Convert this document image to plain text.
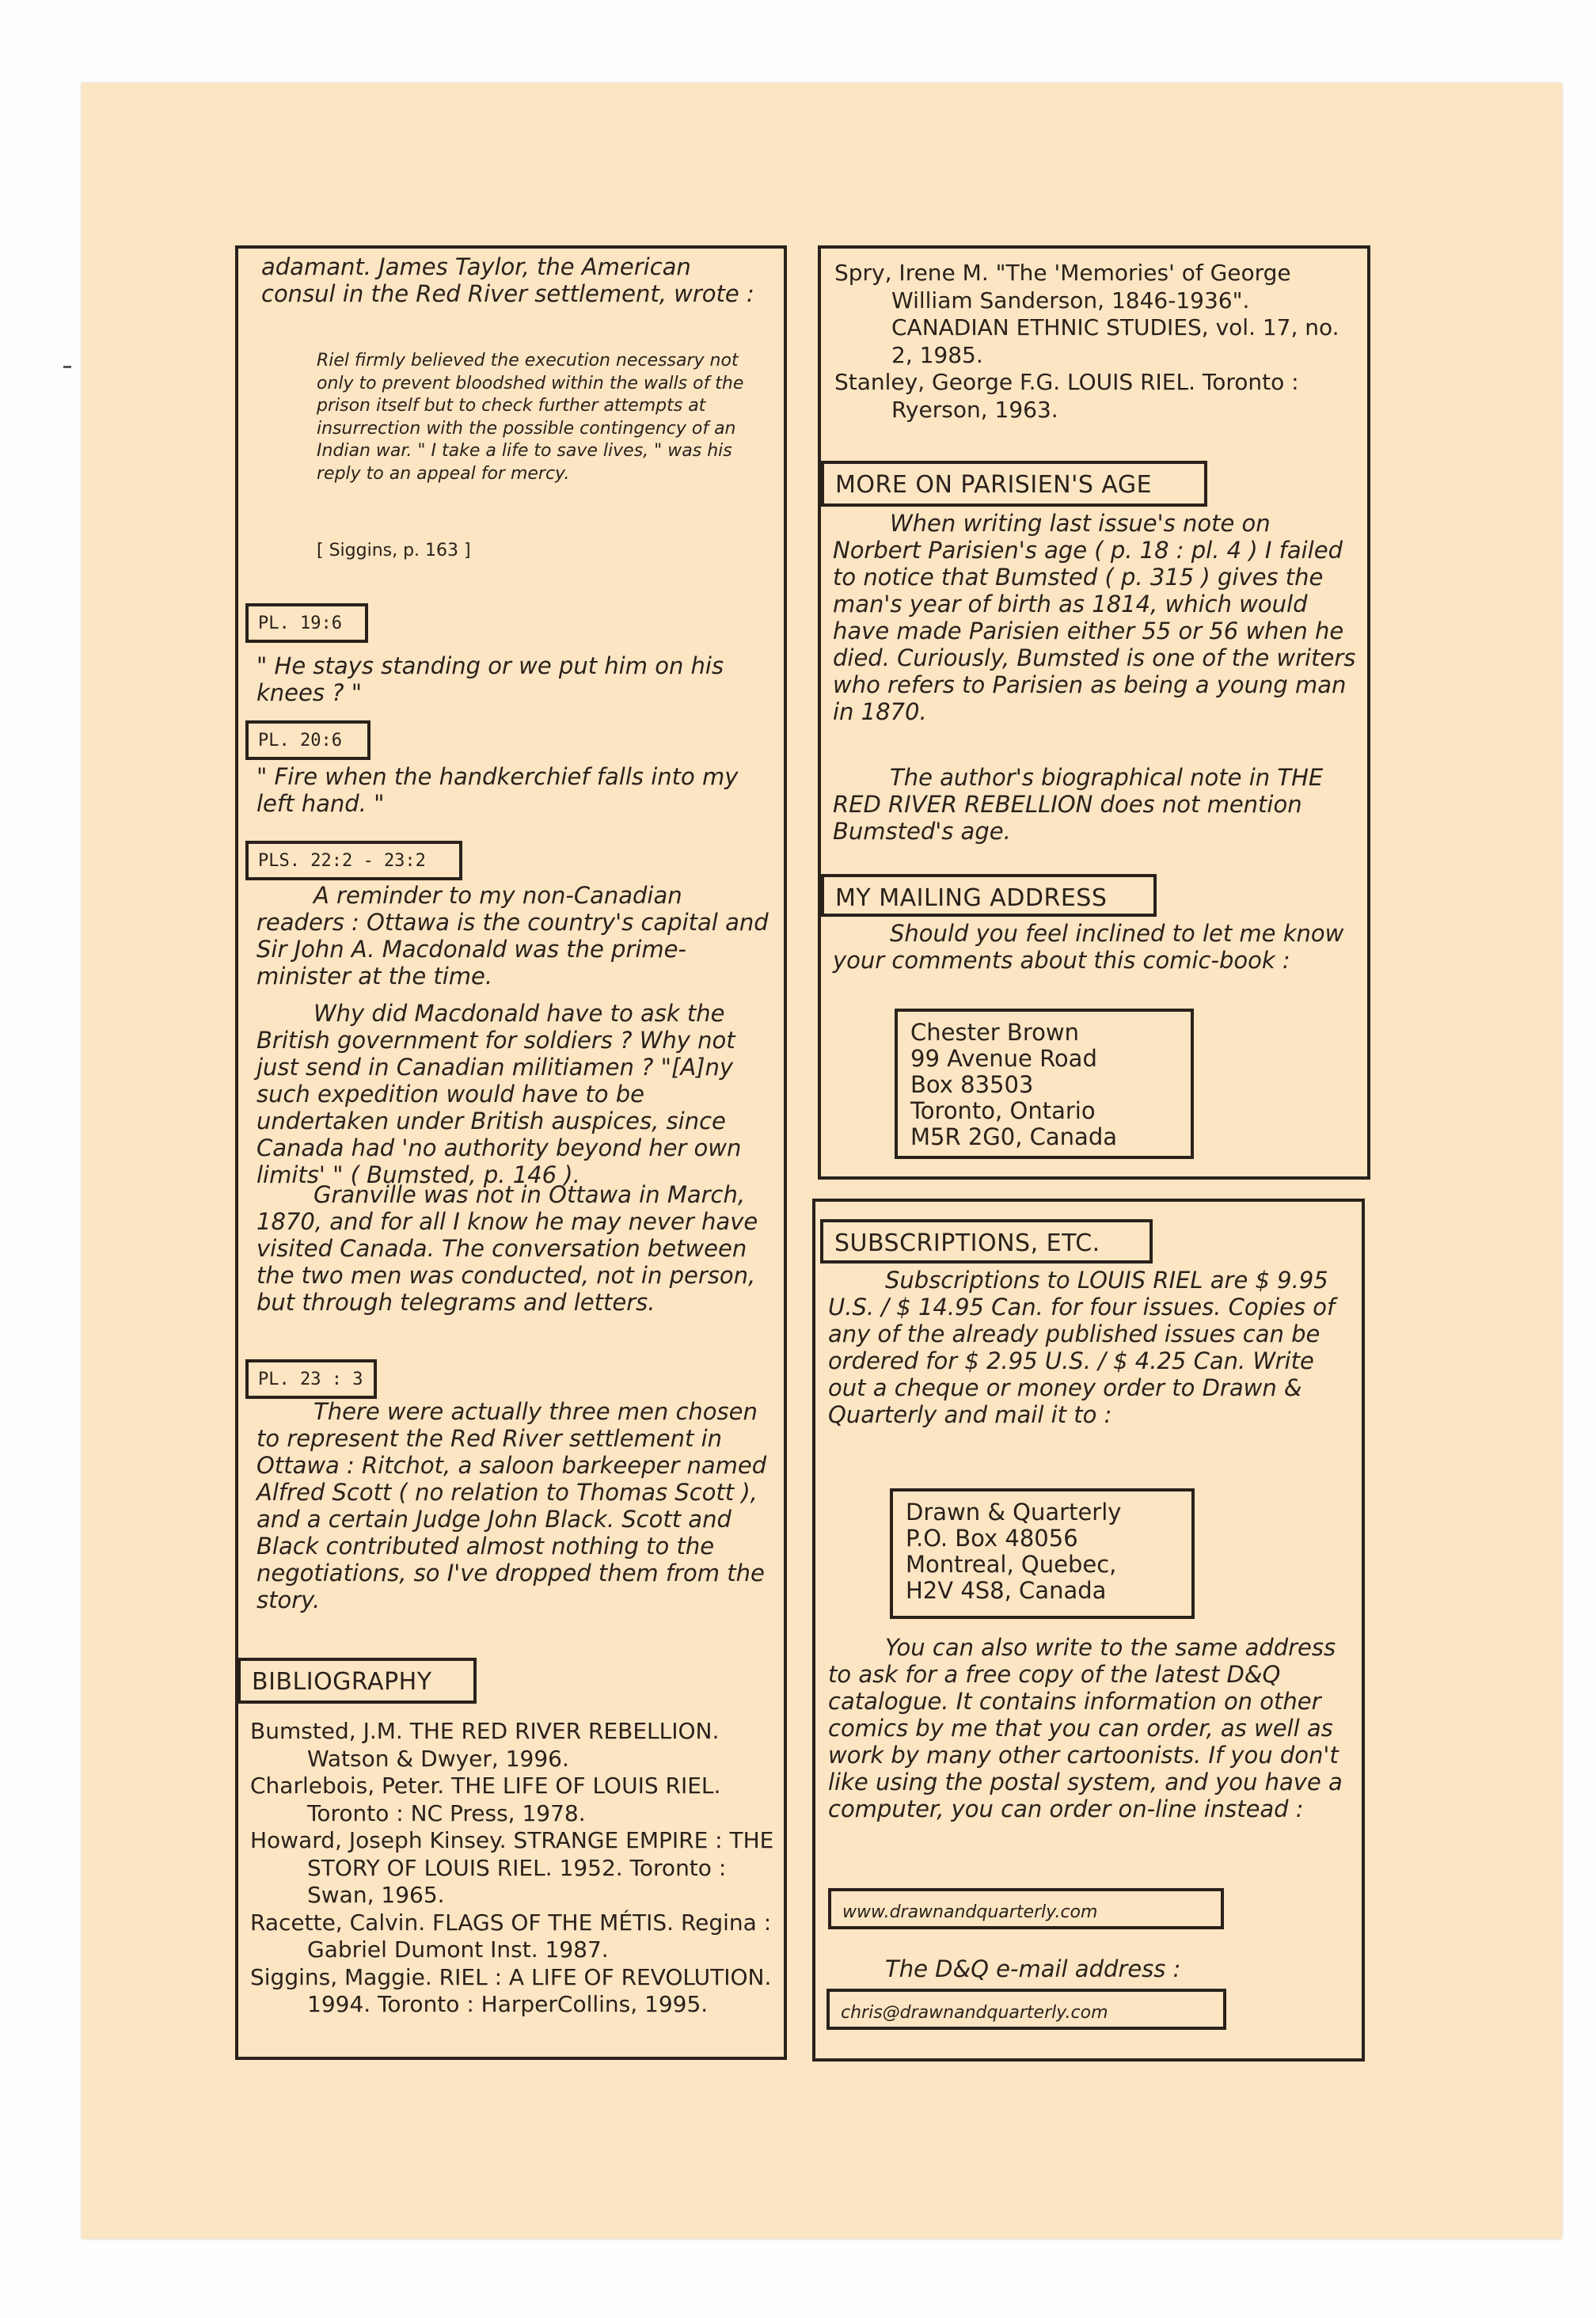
adamant. James Taylor, the American consul in the Red River settlement, wrote :

Riel firmly believed the execution necessary not only to prevent bloodshed within the walls of the prison itself but to check further attempts at insurrection with the possible contingency of an Indian war. " I take a life to save lives, " was his reply to an appeal for mercy.

[ Siggins, p. 163 ]

PL. 19:6

" He stays standing or we put him on his knees ? "

PL. 20:6

" Fire when the handkerchief falls into my left hand. "

PLS. 22:2 - 23:2

A reminder to my non-Canadian readers : Ottawa is the country's capital and Sir John A. Macdonald was the prime-minister at the time.

Why did Macdonald have to ask the British government for soldiers ? Why not just send in Canadian militiamen ? "[A]ny such expedition would have to be undertaken under British auspices, since Canada had 'no authority beyond her own limits' " ( Bumsted, p. 146 ).

Granville was not in Ottawa in March, 1870, and for all I know he may never have visited Canada. The conversation between the two men was conducted, not in person, but through telegrams and letters.

PL. 23 : 3

There were actually three men chosen to represent the Red River settlement in Ottawa : Ritchot, a saloon barkeeper named Alfred Scott ( no relation to Thomas Scott ), and a certain Judge John Black. Scott and Black contributed almost nothing to the negotiations, so I've dropped them from the story.

BIBLIOGRAPHY

Bumsted, J.M. THE RED RIVER REBELLION. Watson & Dwyer, 1996.

Charlebois, Peter. THE LIFE OF LOUIS RIEL. Toronto : NC Press, 1978.

Howard, Joseph Kinsey. STRANGE EMPIRE : THE STORY OF LOUIS RIEL. 1952. Toronto : Swan, 1965.

Racette, Calvin. FLAGS OF THE MÉTIS. Regina : Gabriel Dumont Inst. 1987.

Siggins, Maggie. RIEL : A LIFE OF REVOLUTION. 1994. Toronto : HarperCollins, 1995.

Spry, Irene M. "The 'Memories' of George William Sanderson, 1846-1936". CANADIAN ETHNIC STUDIES, vol. 17, no. 2, 1985.

Stanley, George F.G. LOUIS RIEL. Toronto : Ryerson, 1963.

MORE ON PARISIEN'S AGE

When writing last issue's note on Norbert Parisien's age ( p. 18 : pl. 4 ) I failed to notice that Bumsted ( p. 315 ) gives the man's year of birth as 1814, which would have made Parisien either 55 or 56 when he died. Curiously, Bumsted is one of the writers who refers to Parisien as being a young man in 1870.

The author's biographical note in THE RED RIVER REBELLION does not mention Bumsted's age.

MY MAILING ADDRESS

Should you feel inclined to let me know your comments about this comic-book :

Chester Brown
99 Avenue Road
Box 83503
Toronto, Ontario
M5R 2G0, Canada
SUBSCRIPTIONS, ETC.

Subscriptions to LOUIS RIEL are $ 9.95 U.S. / $ 14.95 Can. for four issues. Copies of any of the already published issues can be ordered for $ 2.95 U.S. / $ 4.25 Can. Write out a cheque or money order to Drawn & Quarterly and mail it to :

Drawn & Quarterly
P.O. Box 48056
Montreal, Quebec,
H2V 4S8, Canada

You can also write to the same address to ask for a free copy of the latest D&Q catalogue. It contains information on other comics by me that you can order, as well as work by many other cartoonists. If you don't like using the postal system, and you have a computer, you can order on-line instead :

www.drawnandquarterly.com

The D&Q e-mail address :

chris@drawnandquarterly.com
